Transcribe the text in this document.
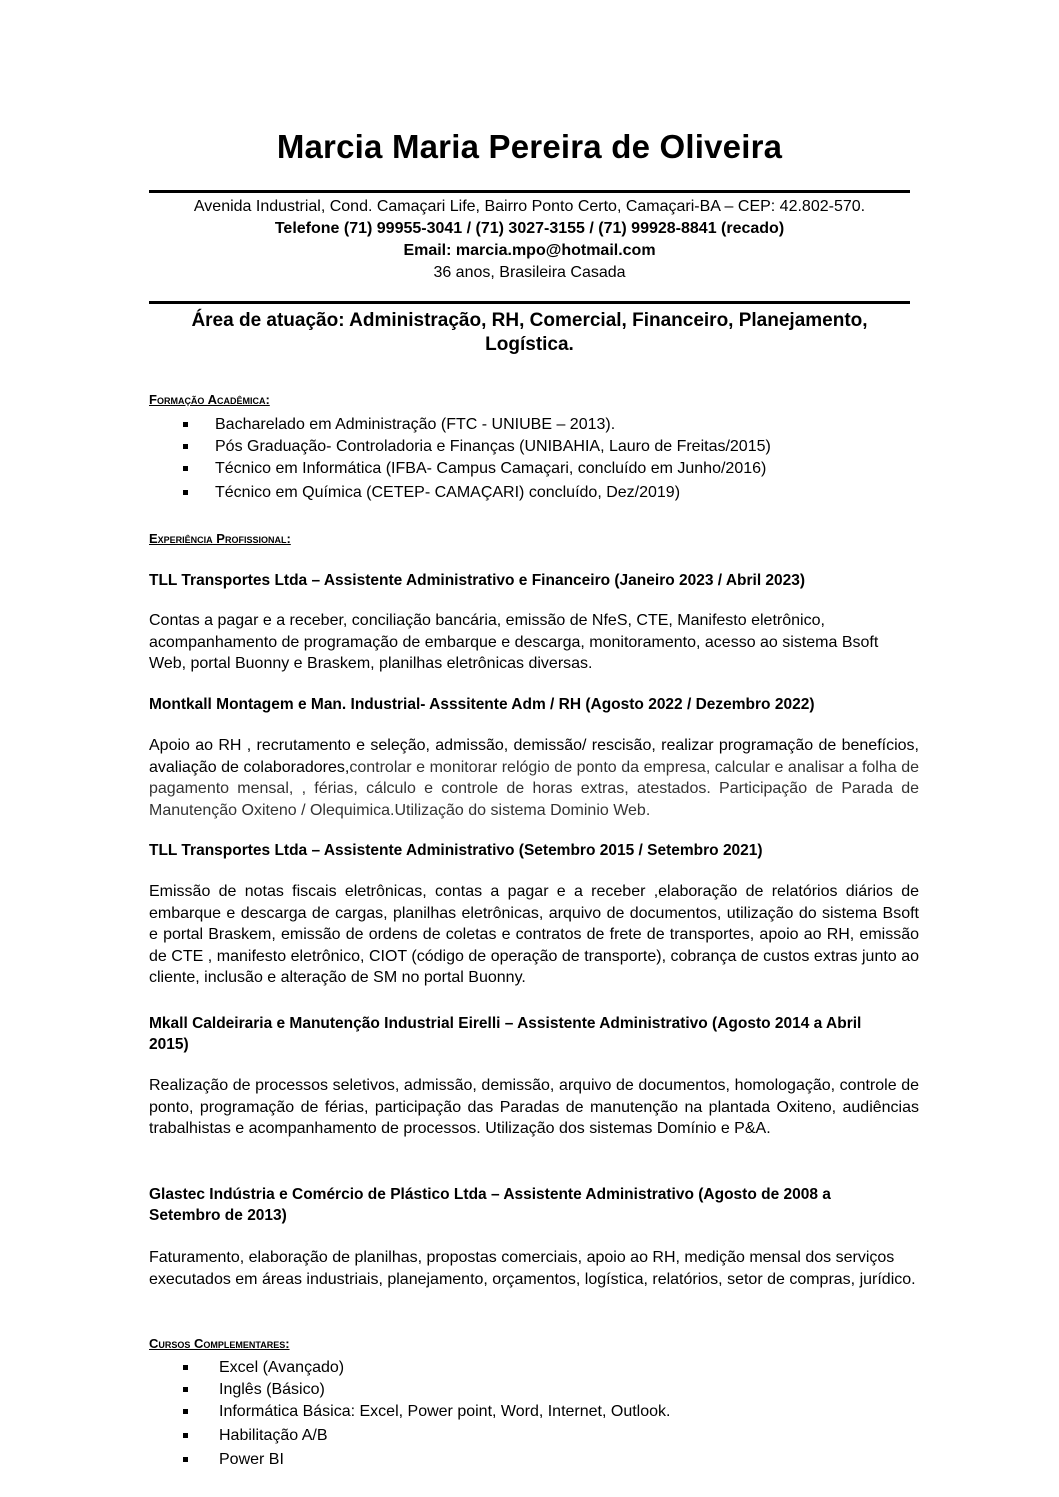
Marcia Maria Pereira de Oliveira
Avenida Industrial, Cond. Camaçari Life, Bairro Ponto Certo, Camaçari-BA – CEP: 42.802-570.
Telefone (71) 99955-3041 / (71) 3027-3155 / (71) 99928-8841 (recado)
Email: marcia.mpo@hotmail.com
36 anos, Brasileira Casada
Área de atuação: Administração, RH, Comercial, Financeiro, Planejamento, Logística.
Formação Acadêmica:
Bacharelado em Administração (FTC - UNIUBE – 2013).
Pós Graduação- Controladoria e Finanças (UNIBAHIA, Lauro de Freitas/2015)
Técnico em Informática (IFBA- Campus Camaçari, concluído em Junho/2016)
Técnico em Química (CETEP- CAMAÇARI) concluído, Dez/2019)
Experiência Profissional:
TLL Transportes Ltda – Assistente Administrativo e Financeiro (Janeiro 2023 / Abril 2023)
Contas a pagar e a receber, conciliação bancária, emissão de NfeS, CTE, Manifesto eletrônico, acompanhamento de programação de embarque e descarga, monitoramento, acesso ao sistema Bsoft Web, portal Buonny e Braskem, planilhas eletrônicas diversas.
Montkall Montagem e Man. Industrial- Asssitente Adm / RH (Agosto 2022 / Dezembro 2022)
Apoio ao RH , recrutamento e seleção, admissão, demissão/ rescisão, realizar programação de benefícios, avaliação de colaboradores,controlar e monitorar relógio de ponto da empresa, calcular e analisar a folha de pagamento mensal, , férias, cálculo e controle de horas extras, atestados. Participação de Parada de Manutenção Oxiteno / Olequimica.Utilização do sistema Dominio Web.
TLL Transportes Ltda – Assistente Administrativo (Setembro 2015 / Setembro 2021)
Emissão de notas fiscais eletrônicas, contas a pagar e a receber ,elaboração de relatórios diários de embarque e descarga de cargas, planilhas eletrônicas, arquivo de documentos, utilização do sistema Bsoft e portal Braskem, emissão de ordens de coletas e contratos de frete de transportes, apoio ao RH, emissão de CTE , manifesto eletrônico, CIOT (código de operação de transporte), cobrança de custos extras junto ao cliente, inclusão e alteração de SM no portal Buonny.
Mkall Caldeiraria e Manutenção Industrial Eirelli – Assistente Administrativo (Agosto 2014 a Abril 2015)
Realização de processos seletivos, admissão, demissão, arquivo de documentos, homologação, controle de ponto, programação de férias, participação das Paradas de manutenção na plantada Oxiteno, audiências trabalhistas e acompanhamento de processos. Utilização dos sistemas Domínio e P&A.
Glastec Indústria e Comércio de Plástico Ltda – Assistente Administrativo (Agosto de 2008 a Setembro de 2013)
Faturamento, elaboração de planilhas, propostas comerciais, apoio ao RH, medição mensal dos serviços executados em áreas industriais, planejamento, orçamentos, logística, relatórios, setor de compras, jurídico.
Cursos Complementares:
Excel (Avançado)
Inglês (Básico)
Informática Básica: Excel, Power point, Word, Internet, Outlook.
Habilitação A/B
Power BI
